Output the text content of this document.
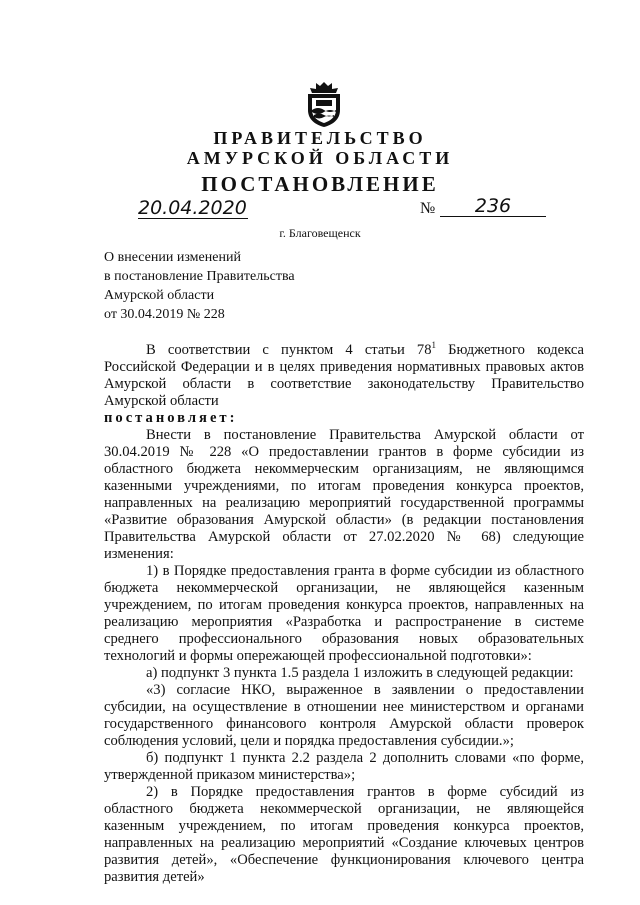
ПРАВИТЕЛЬСТВО
АМУРСКОЙ ОБЛАСТИ
ПОСТАНОВЛЕНИЕ
20.04.2020	№	236
г. Благовещенск
О внесении изменений
в постановление Правительства
Амурской области
от 30.04.2019 № 228

В соответствии с пунктом 4 статьи $78^1$ Бюджетного кодекса Российской Федерации и в целях приведения нормативных правовых актов Амурской области в соответствие законодательству Правительство Амурской области

постановляет:

Внести в постановление Правительства Амурской области от 30.04.2019 № 228 «О предоставлении грантов в форме субсидии из областного бюджета некоммерческим организациям, не являющимся казенными учреждениями, по итогам проведения конкурса проектов, направленных на реализацию мероприятий государственной программы «Развитие образования Амурской области» (в редакции постановления Правительства Амурской области от 27.02.2020 № 68) следующие изменения:

1) в Порядке предоставления гранта в форме субсидии из областного бюджета некоммерческой организации, не являющейся казенным учреждением, по итогам проведения конкурса проектов, направленных на реализацию мероприятия «Разработка и распространение в системе среднего профессионального образования новых образовательных технологий и формы опережающей профессиональной подготовки»:

а) подпункт 3 пункта 1.5 раздела 1 изложить в следующей редакции:

«3) согласие НКО, выраженное в заявлении о предоставлении субсидии, на осуществление в отношении нее министерством и органами государственного финансового контроля Амурской области проверок соблюдения условий, цели и порядка предоставления субсидии.»;

б) подпункт 1 пункта 2.2 раздела 2 дополнить словами «по форме, утвержденной приказом министерства»;

2) в Порядке предоставления грантов в форме субсидий из областного бюджета некоммерческой организации, не являющейся казенным учреждением, по итогам проведения конкурса проектов, направленных на реализацию мероприятий «Создание ключевых центров развития детей», «Обеспечение функционирования ключевого центра развития детей»
